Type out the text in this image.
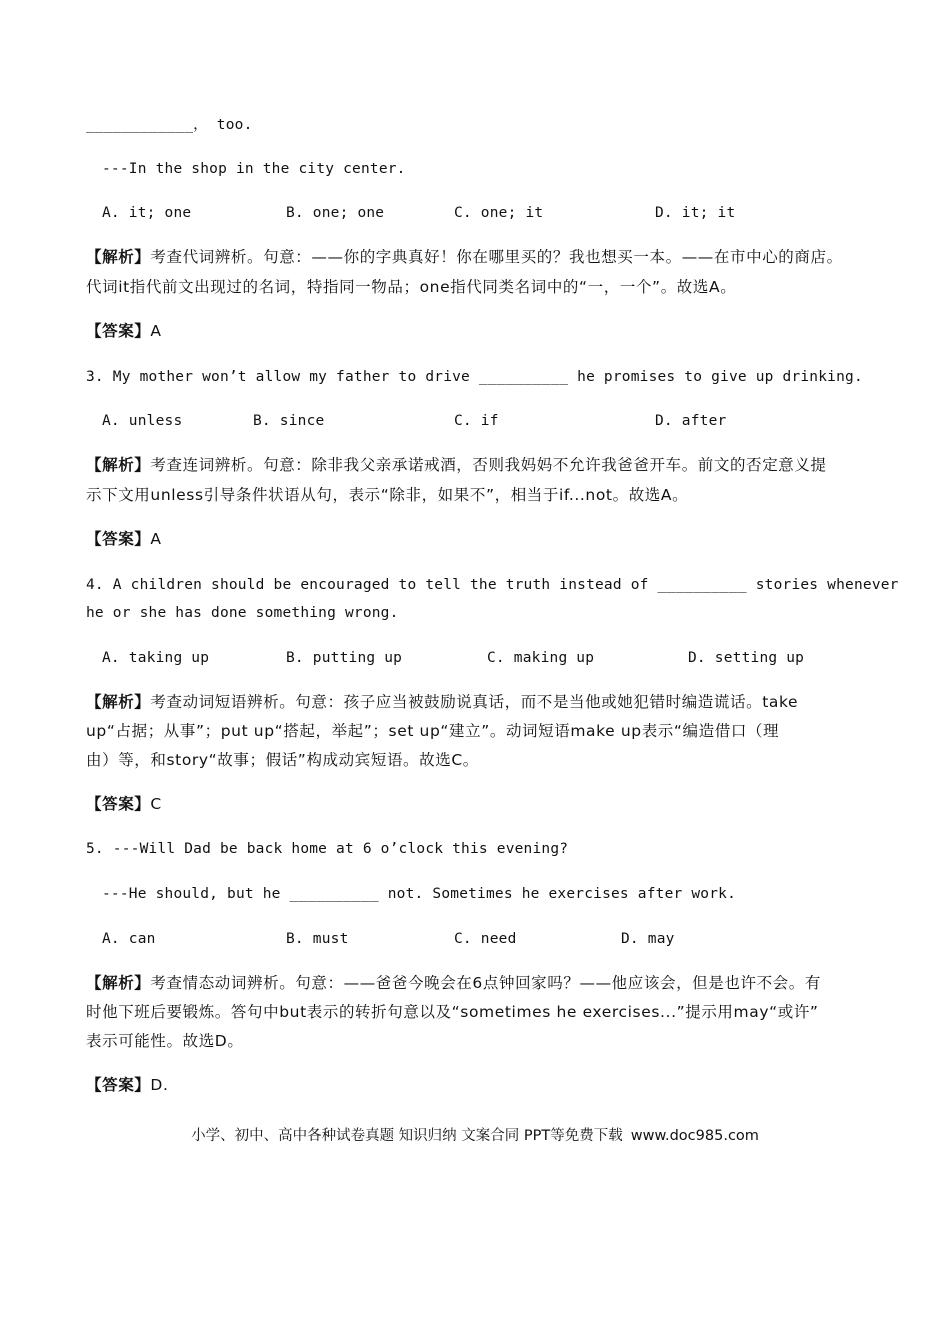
____________， too.
---In the shop in the city center.

A. it; one

	B. one; one

	C. one; it

	D. it; it

【解析】考查代词辨析。句意：——你的字典真好！你在哪里买的？我也想买一本。——在市中心的商店。
代词it指代前文出现过的名词，特指同一物品；one指代同类名词中的“一，一个”。故选A。
【答案】A
3. My mother won’t allow my father to drive __________ he promises to give up drinking.

A. unless

	B. since

	C. if

	D. after

【解析】考查连词辨析。句意：除非我父亲承诺戒酒，否则我妈妈不允许我爸爸开车。前文的否定意义提
示下文用unless引导条件状语从句，表示“除非，如果不”，相当于if...not。故选A。
【答案】A
4. A children should be encouraged to tell the truth instead of __________ stories whenever
he or she has done something wrong.

A. taking up

	B. putting up

	C. making up

	D. setting up

【解析】考查动词短语辨析。句意：孩子应当被鼓励说真话，而不是当他或她犯错时编造谎话。take
up“占据；从事”；put up“搭起，举起”；set up“建立”。动词短语make up表示“编造借口（理
由）等，和story“故事；假话”构成动宾短语。故选C。
【答案】C
5. ---Will Dad be back home at 6 o’clock this evening?
---He should, but he __________ not. Sometimes he exercises after work.

A. can

	B. must

	C. need

	D. may

【解析】考查情态动词辨析。句意：——爸爸今晚会在6点钟回家吗？——他应该会，但是也许不会。有
时他下班后要锻炼。答句中but表示的转折句意以及“sometimes he exercises...”提示用may“或许”
表示可能性。故选D。
【答案】D.
小学、初中、高中各种试卷真题 知识归纳 文案合同 PPT等免费下载 www.doc985.com
